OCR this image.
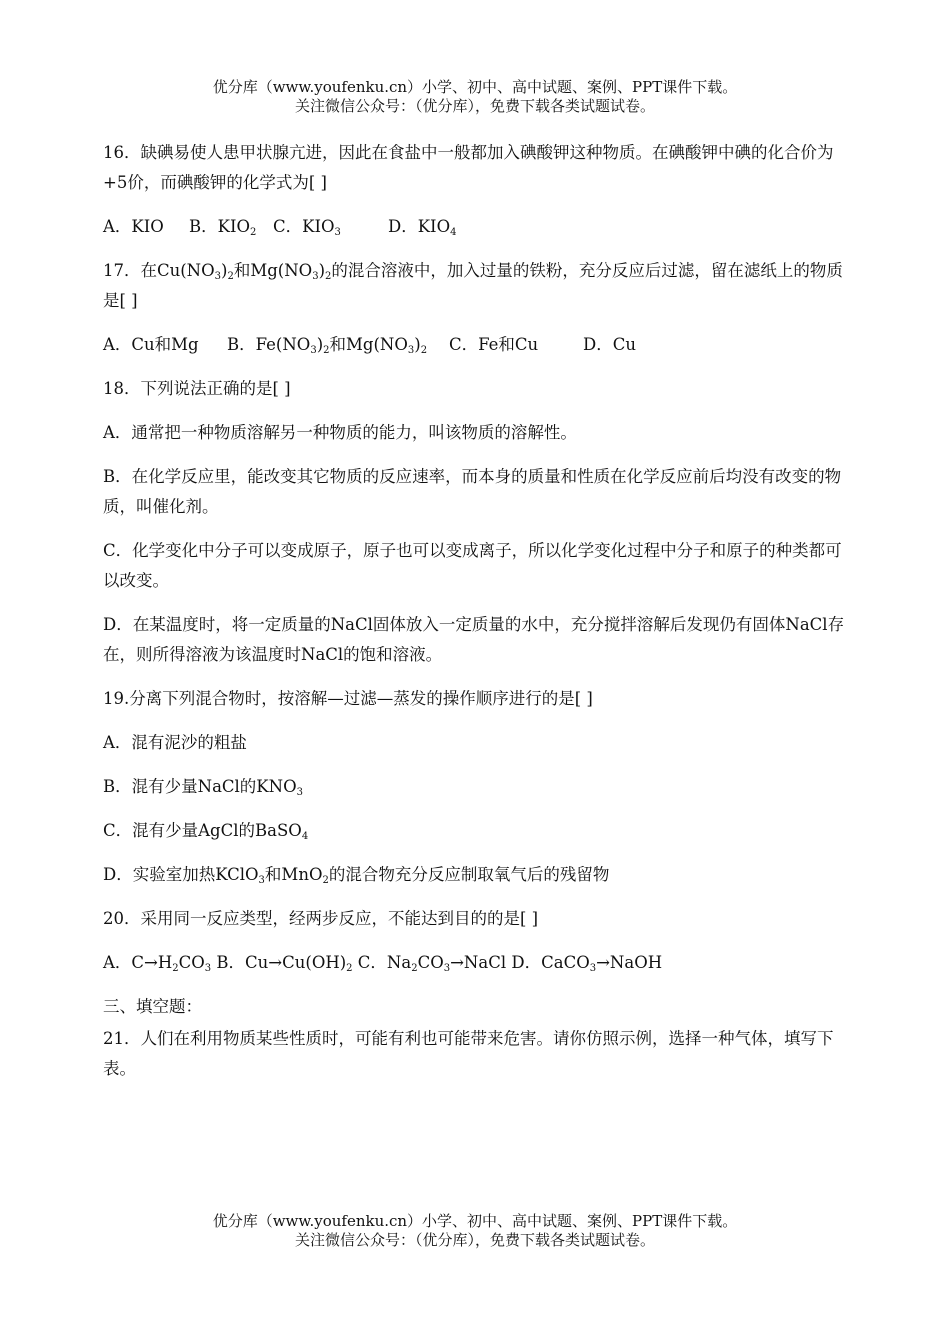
优分库（www.youfenku.cn）小学、初中、高中试题、案例、PPT课件下载。
关注微信公众号：（优分库），免费下载各类试题试卷。
16．缺碘易使人患甲状腺亢进，因此在食盐中一般都加入碘酸钾这种物质。在碘酸钾中碘的化合价为+5价，而碘酸钾的化学式为[ ]
A．KIO B．$KIO_2$ C．$KIO_3$	D．$KIO_4$
17．在$Cu(NO_3)_2$和$Mg(NO_3)_2$的混合溶液中，加入过量的铁粉，充分反应后过滤，留在滤纸上的物质是[ ]
A．Cu和Mg B．$Fe(NO_3)_2$和$Mg(NO_3)_2$ C．Fe和Cu	D．Cu
18．下列说法正确的是[ ]
A．通常把一种物质溶解另一种物质的能力，叫该物质的溶解性。
B．在化学反应里，能改变其它物质的反应速率，而本身的质量和性质在化学反应前后均没有改变的物质，叫催化剂。
C．化学变化中分子可以变成原子，原子也可以变成离子，所以化学变化过程中分子和原子的种类都可以改变。
D．在某温度时，将一定质量的NaCl固体放入一定质量的水中，充分搅拌溶解后发现仍有固体NaCl存在，则所得溶液为该温度时NaCl的饱和溶液。
19.分离下列混合物时，按溶解—过滤—蒸发的操作顺序进行的是[ ]
A．混有泥沙的粗盐
B．混有少量NaCl的$KNO_3$
C．混有少量AgCl的BaSO$_4$
D．实验室加热KClO$_3$和MnO$_2$的混合物充分反应制取氧气后的残留物
20．采用同一反应类型，经两步反应，不能达到目的的是[ ]
A．$C\to H_2CO_3$ B．$Cu\to Cu(OH)_2$ C．$Na_2CO_3\to NaCl$ D．CaCO$_3$→NaOH
三、填空题：
21．人们在利用物质某些性质时，可能有利也可能带来危害。请你仿照示例，选择一种气体，填写下表。
优分库（www.youfenku.cn）小学、初中、高中试题、案例、PPT课件下载。
关注微信公众号：（优分库），免费下载各类试题试卷。
